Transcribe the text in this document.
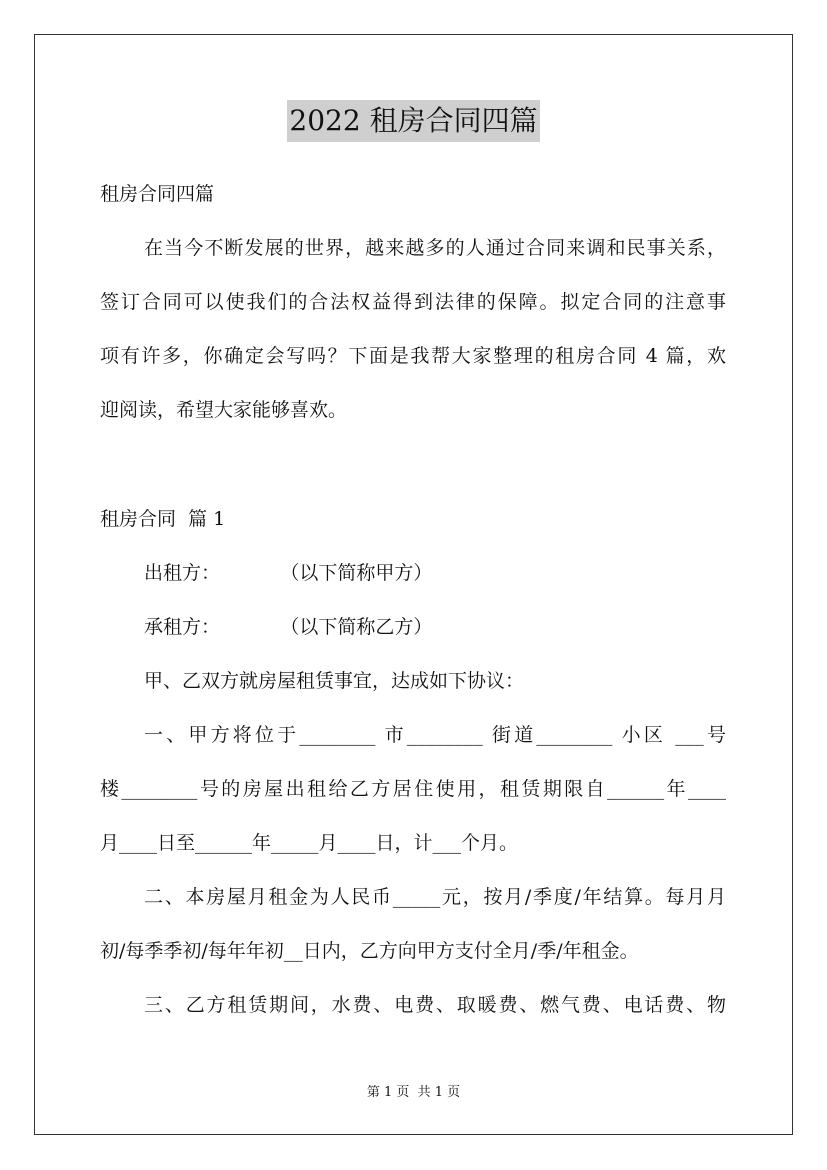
2022 租房合同四篇

租房合同四篇

在当今不断发展的世界，越来越多的人通过合同来调和民事关系，

签订合同可以使我们的合法权益得到法律的保障。拟定合同的注意事

项有许多，你确定会写吗？下面是我帮大家整理的租房合同 4 篇，欢

迎阅读，希望大家能够喜欢。

租房合同  篇 1

出租方：          （以下简称甲方）

承租方：          （以下简称乙方）

甲、乙双方就房屋租赁事宜，达成如下协议：

一、甲方将位于________ 市________ 街道________ 小区 ___号

楼________号的房屋出租给乙方居住使用，租赁期限自______年____

月____日至______年_____月____日，计___个月。

二、本房屋月租金为人民币_____元，按月/季度/年结算。每月月

初/每季季初/每年年初__日内，乙方向甲方支付全月/季/年租金。

三、乙方租赁期间，水费、电费、取暖费、燃气费、电话费、物

第 1 页  共 1 页
